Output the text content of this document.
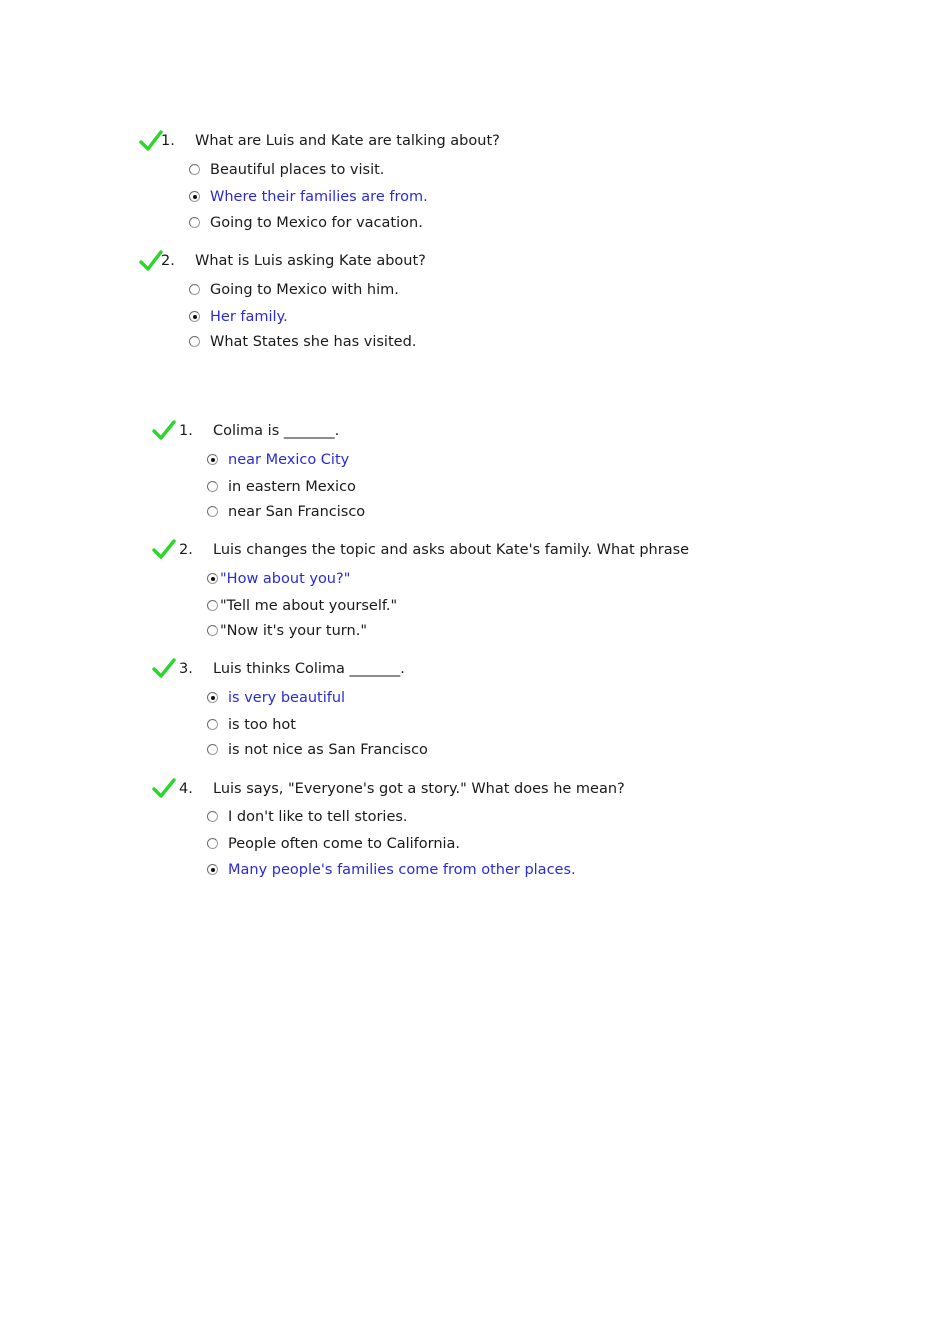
1. What are Luis and Kate are talking about?
Beautiful places to visit.
Where their families are from.
Going to Mexico for vacation.
2. What is Luis asking Kate about?
Going to Mexico with him.
Her family.
What States she has visited.
1. Colima is _______.
near Mexico City
in eastern Mexico
near San Francisco
2. Luis changes the topic and asks about Kate's family. What phrase
"How about you?"
"Tell me about yourself."
"Now it's your turn."
3. Luis thinks Colima _______.
is very beautiful
is too hot
is not nice as San Francisco
4. Luis says, "Everyone's got a story." What does he mean?
I don't like to tell stories.
People often come to California.
Many people's families come from other places.
